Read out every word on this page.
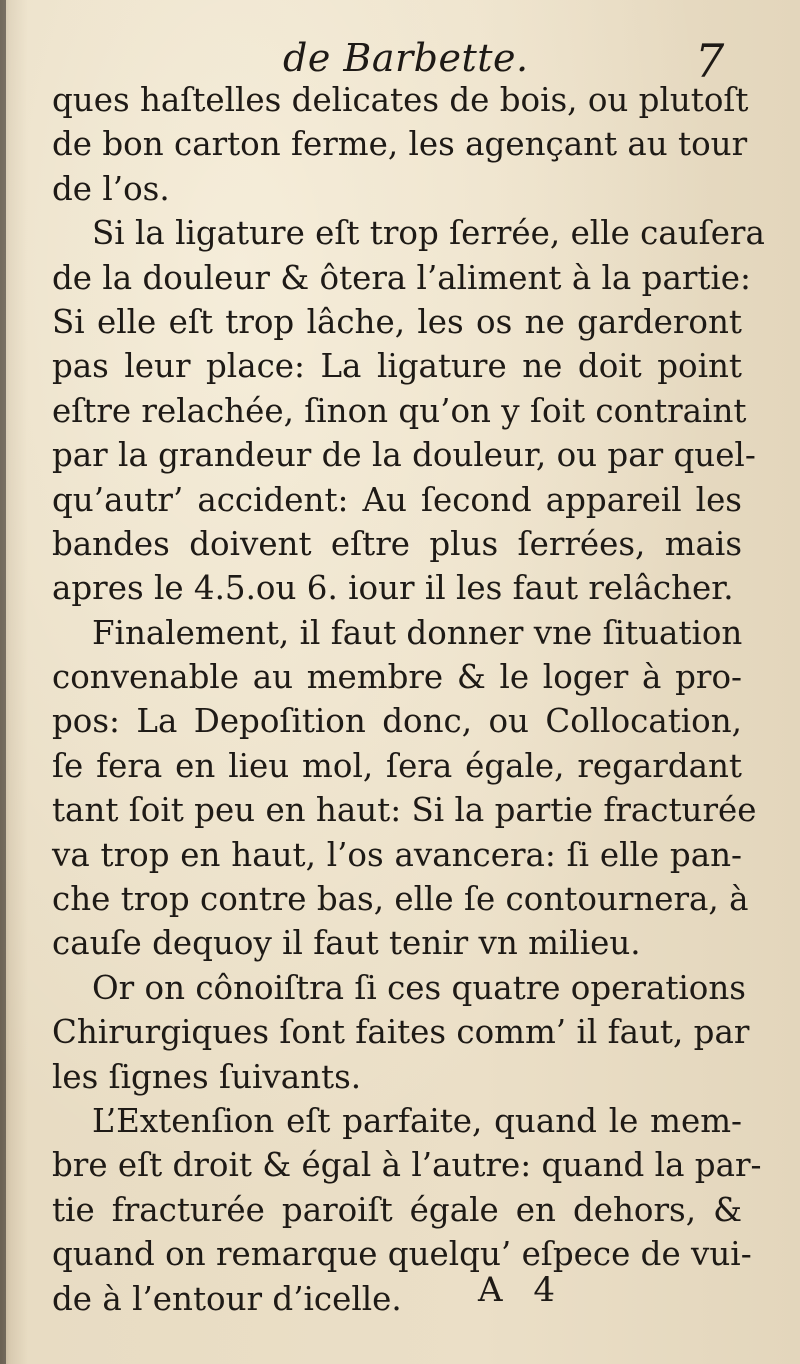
de Barbette.	7
ques haſtelles delicates de bois, ou plutoſt
de bon carton ferme, les agençant au tour
de l’os.
Si la ligature eſt trop ſerrée, elle cauſera
de la douleur & ôtera l’aliment à la partie:
Si elle eſt trop lâche, les os ne garderont
pas leur place: La ligature ne doit point
eſtre relachée, ſinon qu’on y ſoit contraint
par la grandeur de la douleur, ou par quel-
qu’autr’ accident: Au ſecond appareil les
bandes doivent eſtre plus ſerrées, mais
apres le 4.5.ou 6. iour il les faut relâcher.
Finalement, il faut donner vne ſituation
convenable au membre & le loger à pro-
pos: La Depoſition donc, ou Collocation,
ſe fera en lieu mol, ſera égale, regardant
tant ſoit peu en haut: Si la partie fracturée
va trop en haut, l’os avancera: ſi elle pan-
che trop contre bas, elle ſe contournera, à
cauſe dequoy il faut tenir vn milieu.
Or on cônoiſtra ſi ces quatre operations
Chirurgiques ſont faites comm’ il faut, par
les ſignes ſuivants.
L’Extenſion eſt parfaite, quand le mem-
bre eſt droit & égal à l’autre: quand la par-
tie fracturée paroiſt égale en dehors, &
quand on remarque quelqu’ eſpece de vui-
de à l’entour d’icelle.	A 4
